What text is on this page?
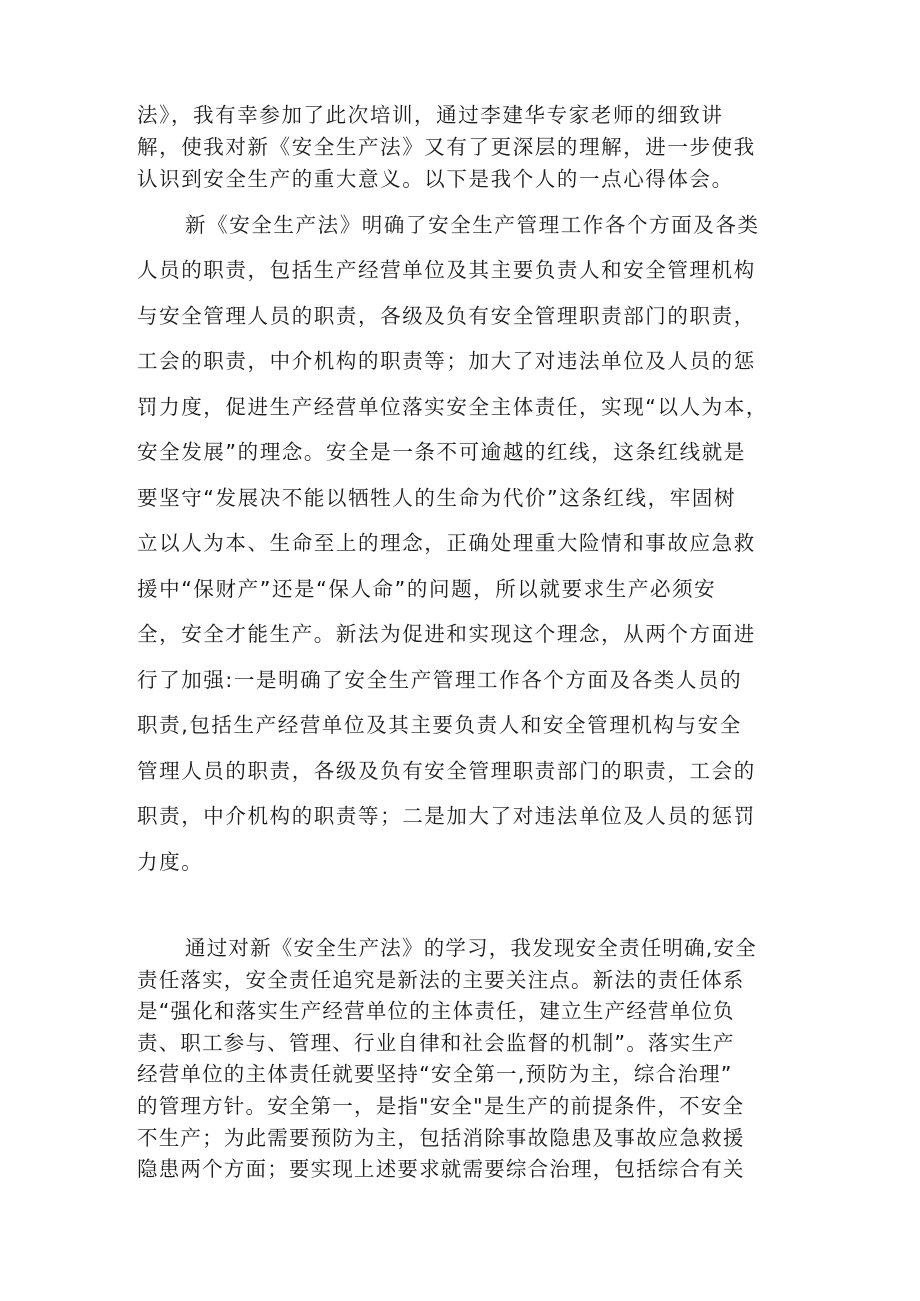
法》，我有幸参加了此次培训，通过李建华专家老师的细致讲
解，使我对新《安全生产法》又有了更深层的理解，进一步使我
认识到安全生产的重大意义。以下是我个人的一点心得体会。
新《安全生产法》明确了安全生产管理工作各个方面及各类
人员的职责，包括生产经营单位及其主要负责人和安全管理机构
与安全管理人员的职责，各级及负有安全管理职责部门的职责，
工会的职责，中介机构的职责等；加大了对违法单位及人员的惩
罚力度，促进生产经营单位落实安全主体责任，实现“以人为本，
安全发展”的理念。安全是一条不可逾越的红线，这条红线就是
要坚守“发展决不能以牺牲人的生命为代价”这条红线，牢固树
立以人为本、生命至上的理念，正确处理重大险情和事故应急救
援中“保财产”还是“保人命”的问题，所以就要求生产必须安
全，安全才能生产。新法为促进和实现这个理念，从两个方面进
行了加强:一是明确了安全生产管理工作各个方面及各类人员的
职责,包括生产经营单位及其主要负责人和安全管理机构与安全
管理人员的职责，各级及负有安全管理职责部门的职责，工会的
职责，中介机构的职责等；二是加大了对违法单位及人员的惩罚
力度。
通过对新《安全生产法》的学习，我发现安全责任明确,安全
责任落实，安全责任追究是新法的主要关注点。新法的责任体系
是“强化和落实生产经营单位的主体责任，建立生产经营单位负
责、职工参与、管理、行业自律和社会监督的机制”。落实生产
经营单位的主体责任就要坚持“安全第一,预防为主，综合治理”
的管理方针。安全第一，是指"安全"是生产的前提条件，不安全
不生产；为此需要预防为主，包括消除事故隐患及事故应急救援
隐患两个方面；要实现上述要求就需要综合治理，包括综合有关
